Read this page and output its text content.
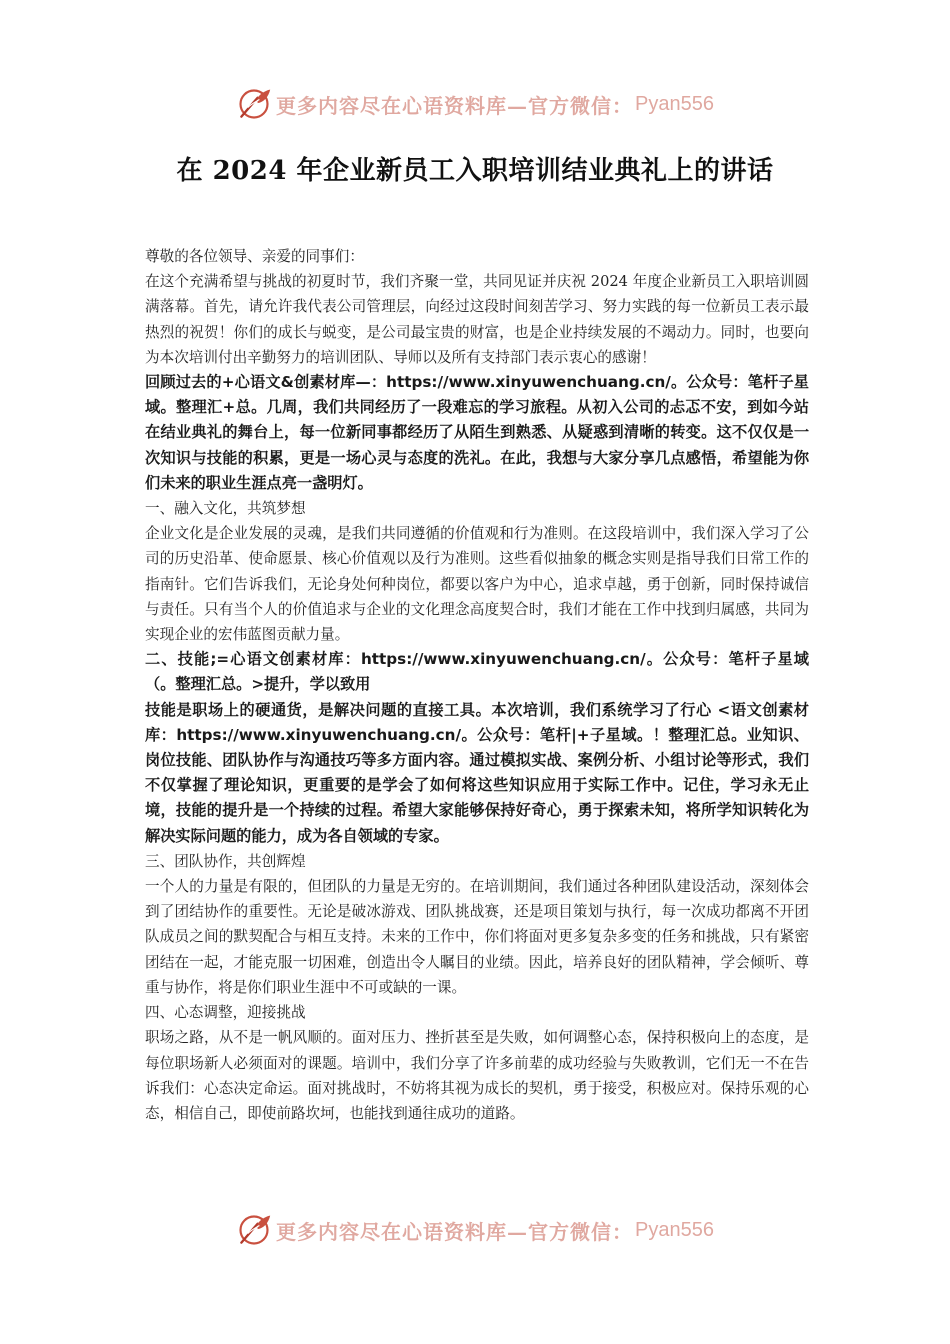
更多内容尽在心语资料库—官方微信： Pyan556
在 2024 年企业新员工入职培训结业典礼上的讲话

尊敬的各位领导、亲爱的同事们：

在这个充满希望与挑战的初夏时节，我们齐聚一堂，共同见证并庆祝 2024 年度企业新员工入职培训圆满落幕。首先，请允许我代表公司管理层，向经过这段时间刻苦学习、努力实践的每一位新员工表示最热烈的祝贺！你们的成长与蜕变，是公司最宝贵的财富，也是企业持续发展的不竭动力。同时，也要向为本次培训付出辛勤努力的培训团队、导师以及所有支持部门表示衷心的感谢！

回顾过去的+心语文&创素材库—：https://www.xinyuwenchuang.cn/。公众号：笔杆子星域。整理汇+总。几周，我们共同经历了一段难忘的学习旅程。从初入公司的忐忑不安，到如今站在结业典礼的舞台上，每一位新同事都经历了从陌生到熟悉、从疑惑到清晰的转变。这不仅仅是一次知识与技能的积累，更是一场心灵与态度的洗礼。在此，我想与大家分享几点感悟，希望能为你们未来的职业生涯点亮一盏明灯。

一、融入文化，共筑梦想

企业文化是企业发展的灵魂，是我们共同遵循的价值观和行为准则。在这段培训中，我们深入学习了公司的历史沿革、使命愿景、核心价值观以及行为准则。这些看似抽象的概念实则是指导我们日常工作的指南针。它们告诉我们，无论身处何种岗位，都要以客户为中心，追求卓越，勇于创新，同时保持诚信与责任。只有当个人的价值追求与企业的文化理念高度契合时，我们才能在工作中找到归属感，共同为实现企业的宏伟蓝图贡献力量。

二、技能;=心语文创素材库：https://www.xinyuwenchuang.cn/。公众号：笔杆子星域（。整理汇总。>提升，学以致用

技能是职场上的硬通货，是解决问题的直接工具。本次培训，我们系统学习了行心 <语文创素材库：https://www.xinyuwenchuang.cn/。公众号：笔杆|+子星域。！整理汇总。业知识、岗位技能、团队协作与沟通技巧等多方面内容。通过模拟实战、案例分析、小组讨论等形式，我们不仅掌握了理论知识，更重要的是学会了如何将这些知识应用于实际工作中。记住，学习永无止境，技能的提升是一个持续的过程。希望大家能够保持好奇心，勇于探索未知，将所学知识转化为解决实际问题的能力，成为各自领域的专家。

三、团队协作，共创辉煌

一个人的力量是有限的，但团队的力量是无穷的。在培训期间，我们通过各种团队建设活动，深刻体会到了团结协作的重要性。无论是破冰游戏、团队挑战赛，还是项目策划与执行，每一次成功都离不开团队成员之间的默契配合与相互支持。未来的工作中，你们将面对更多复杂多变的任务和挑战，只有紧密团结在一起，才能克服一切困难，创造出令人瞩目的业绩。因此，培养良好的团队精神，学会倾听、尊重与协作，将是你们职业生涯中不可或缺的一课。

四、心态调整，迎接挑战

职场之路，从不是一帆风顺的。面对压力、挫折甚至是失败，如何调整心态，保持积极向上的态度，是每位职场新人必须面对的课题。培训中，我们分享了许多前辈的成功经验与失败教训，它们无一不在告诉我们：心态决定命运。面对挑战时，不妨将其视为成长的契机，勇于接受，积极应对。保持乐观的心态，相信自己，即使前路坎坷，也能找到通往成功的道路。

更多内容尽在心语资料库—官方微信： Pyan556
